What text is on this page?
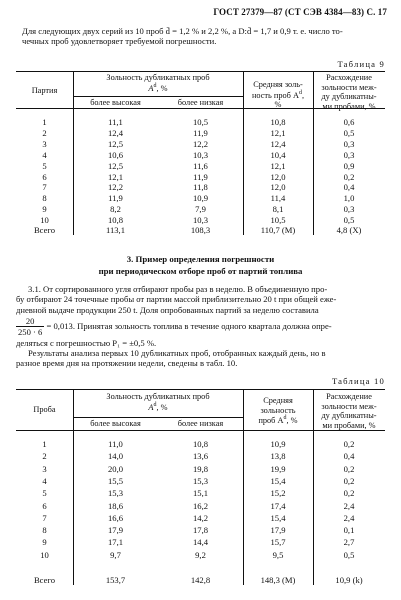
ГОСТ 27379—87 (СТ СЭВ 4384—83) С. 17
Для следующих двух серий из 10 проб d̄ = 1,2 % и 2,2 %, a D:d̄ = 1,7 и 0,9 т. е. число то-
чечных проб удовлетворяет требуемой погрешности.
Таблица 9
Партия
Зольность дубликатных проб
$A^d$, %
более высокая	более низкая
Средняя золь-
ность проб $A^d$,
%
Расхождение
зольности меж-
ду дубликатны-
ми пробами, %
1	11,1	10,5	10,8	0,6
2	12,4	11,9	12,1	0,5
3	12,5	12,2	12,4	0,3
4	10,6	10,3	10,4	0,3
5	12,5	11,6	12,1	0,9
6	12,1	11,9	12,0	0,2
7	12,2	11,8	12,0	0,4
8	11,9	10,9	11,4	1,0
9	8,2	7,9	8,1	0,3
10	10,8	10,3	10,5	0,5
Всего	113,1	108,3	110,7 (M)	4,8 (X)
3. Пример определения погрешности
при периодическом отборе проб от партий топлива
3.1. От сортированного угля отбирают пробы раз в неделю. В объединенную про-
бу отбирают 24 точечные пробы от партии массой приблизительно 20 t при общей еже-
дневной выдаче продукции 250 t. Доля опробованных партий за неделю составила
$\frac{20}{250 \cdot 6} = 0,013$. Принятая зольность топлива в течение одного квартала должна опре-
деляться с погрешностью P₁ = ±0,5 %.
Результаты анализа первых 10 дубликатных проб, отобранных каждый день, но в
разное время дня на протяжении недели, сведены в табл. 10.
Таблица 10
Проба
Зольность дубликатных проб
$A^d$, %
более высокая	более низкая
Средняя
зольность
проб $A^d$, %
Расхождение
зольности меж-
ду дубликатны-
ми пробами, %
1	11,0	10,8	10,9	0,2
2	14,0	13,6	13,8	0,4
3	20,0	19,8	19,9	0,2
4	15,5	15,3	15,4	0,2
5	15,3	15,1	15,2	0,2
6	18,6	16,2	17,4	2,4
7	16,6	14,2	15,4	2,4
8	17,9	17,8	17,9	0,1
9	17,1	14,4	15,7	2,7
10	9,7	9,2	9,5	0,5
Всего	153,7	142,8	148,3 (M)	10,9 (k)
